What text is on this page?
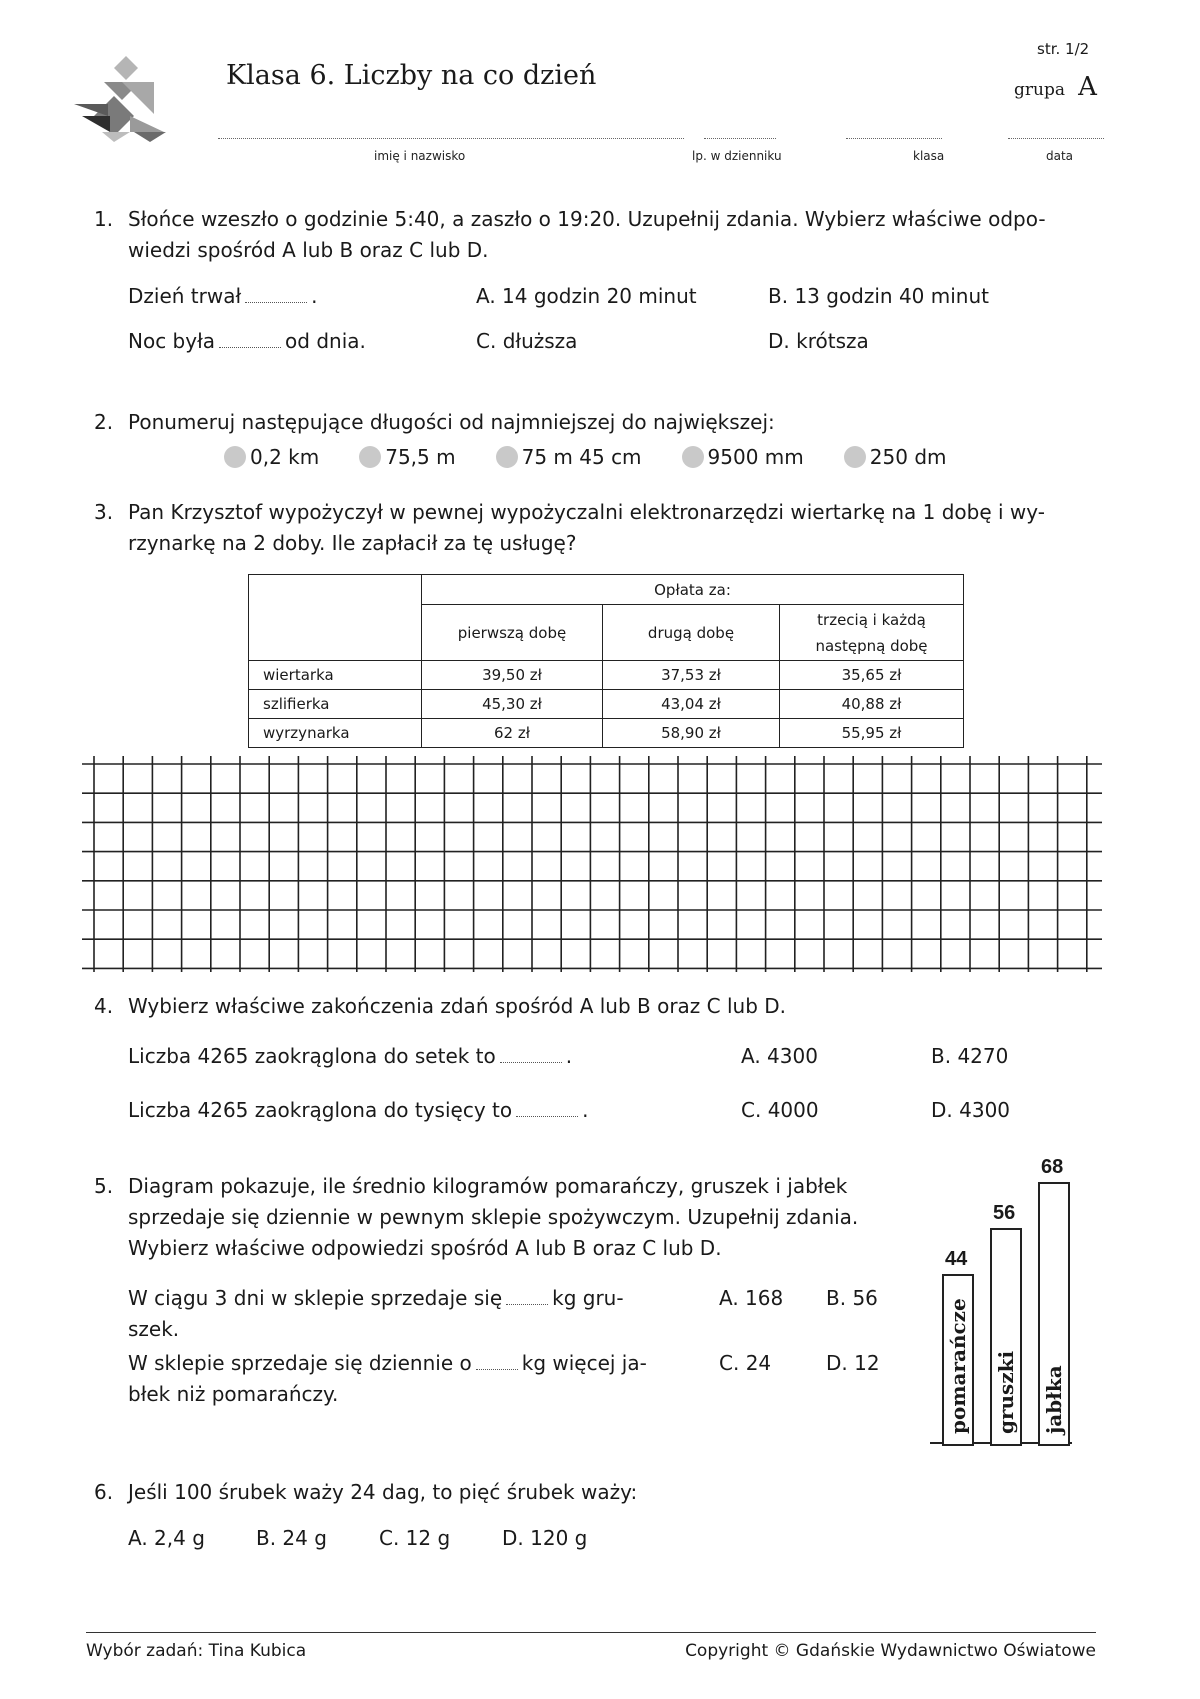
Klasa 6. Liczby na co dzień
str. 1/2
grupa A
imię i nazwisko	lp. w dzienniku	klasa	data
1. Słońce wzeszło o godzinie 5:40, a zaszło o 19:20. Uzupełnij zdania. Wybierz właściwe odpo-
wiedzi spośród A lub B oraz C lub D.
Dzień trwał	.	A. 14 godzin 20 minut	B. 13 godzin 40 minut
Noc była	od dnia.	C. dłuższa	D. krótsza
2. Ponumeruj następujące długości od najmniejszej do największej:
0,2 km	75,5 m	75 m 45 cm	9500 mm	250 dm
3. Pan Krzysztof wypożyczył w pewnej wypożyczalni elektronarzędzi wiertarkę na 1 dobę i wy-
rzynarkę na 2 doby. Ile zapłacił za tę usługę?
	Opłata za:		
	pierwszą dobę	drugą dobę	trzecią i każdą
następną dobę
wiertarka	39,50 zł	37,53 zł	35,65 zł
szlifierka	45,30 zł	43,04 zł	40,88 zł
wyrzynarka	62 zł	58,90 zł	55,95 zł
4. Wybierz właściwe zakończenia zdań spośród A lub B oraz C lub D.
Liczba 4265 zaokrąglona do setek to	.	A. 4300	B. 4270
Liczba 4265 zaokrąglona do tysięcy to	.	C. 4000	D. 4300
5. Diagram pokazuje, ile średnio kilogramów pomarańczy, gruszek i jabłek
sprzedaje się dziennie w pewnym sklepie spożywczym. Uzupełnij zdania.
Wybierz właściwe odpowiedzi spośród A lub B oraz C lub D.
W ciągu 3 dni w sklepie sprzedaje się	kg gru-
szek.
A. 168 B. 56
W sklepie sprzedaje się dziennie o	kg więcej ja-
błek niż pomarańczy.
C. 24	D. 12
44
pomarańcze
56
gruszki
68
jabłka
6. Jeśli 100 śrubek waży 24 dag, to pięć śrubek waży:
A. 2,4 g	B. 24 g	C. 12 g	D. 120 g
Wybór zadań: Tina Kubica	Copyright © Gdańskie Wydawnictwo Oświatowe
